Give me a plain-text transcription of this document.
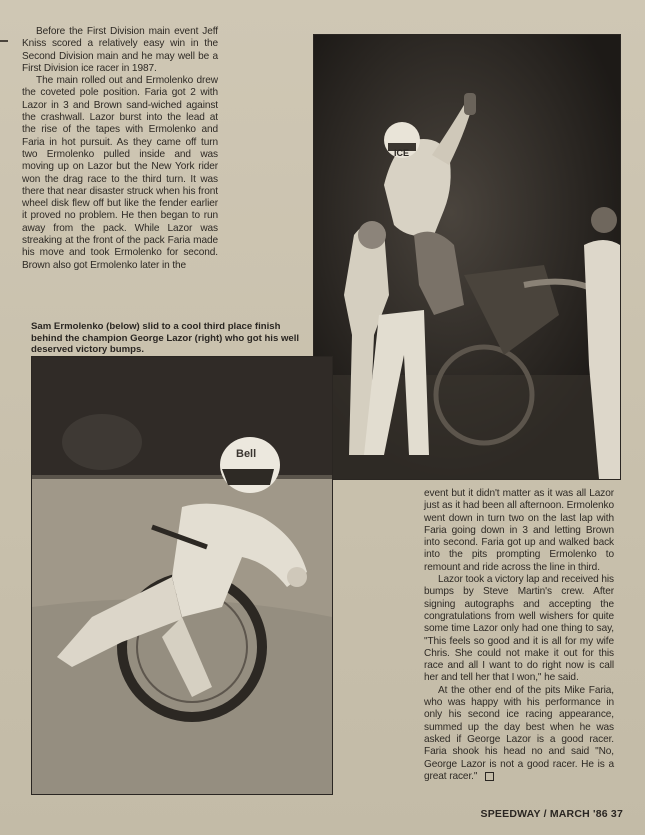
Before the First Division main event Jeff Kniss scored a relatively easy win in the Second Division main and he may well be a First Division ice racer in 1987.

The main rolled out and Ermolenko drew the coveted pole position. Faria got 2 with Lazor in 3 and Brown sand-wiched against the crashwall. Lazor burst into the lead at the rise of the tapes with Ermolenko and Faria in hot pursuit. As they came off turn two Ermolenko pulled inside and was moving up on Lazor but the New York rider won the drag race to the third turn. It was there that near disaster struck when his front wheel disk flew off but like the fender earlier it proved no problem. He then began to run away from the pack. While Lazor was streaking at the front of the pack Faria made his move and took Ermolenko for second. Brown also got Ermolenko later in the

Sam Ermolenko (below) slid to a cool third place finish behind the champion George Lazor (right) who got his well deserved victory bumps.
ICE
Bell

event but it didn't matter as it was all Lazor just as it had been all afternoon. Ermolenko went down in turn two on the last lap with Faria going down in 3 and letting Brown into second. Faria got up and walked back into the pits prompting Ermolenko to remount and ride across the line in third.

Lazor took a victory lap and received his bumps by Steve Martin's crew. After signing autographs and accepting the congratulations from well wishers for quite some time Lazor only had one thing to say, "This feels so good and it is all for my wife Chris. She could not make it out for this race and all I want to do right now is call her and tell her that I won," he said.

At the other end of the pits Mike Faria, who was happy with his performance in only his second ice racing appearance, summed up the day best when he was asked if George Lazor is a good racer. Faria shook his head no and said "No, George Lazor is not a good racer. He is a great racer."

SPEEDWAY / MARCH '86 37
